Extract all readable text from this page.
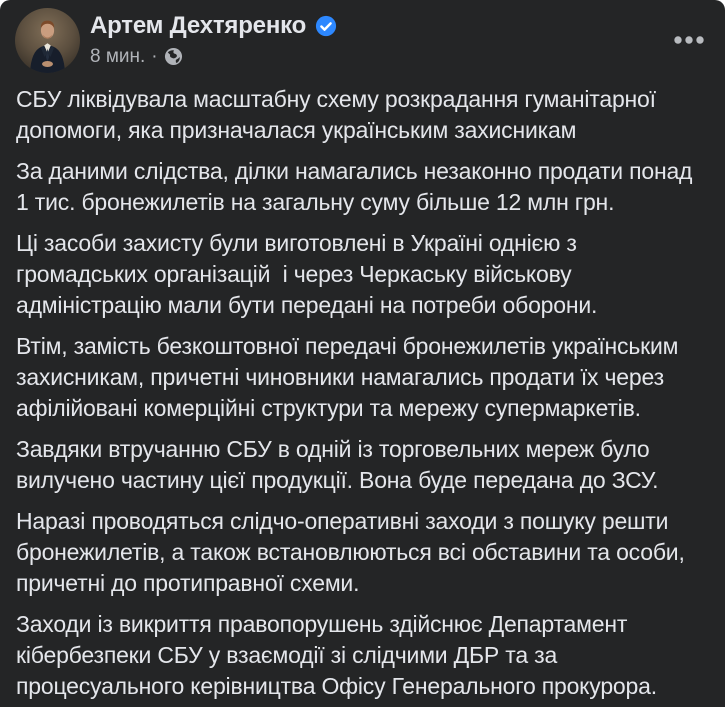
Артем Дехтяренко
8 мин. ·

СБУ ліквідувала масштабну схему розкрадання гуманітарної допомоги, яка призначалася українським захисникам

За даними слідства, ділки намагались незаконно продати понад 1 тис. бронежилетів на загальну суму більше 12 млн грн.

Ці засоби захисту були виготовлені в Україні однією з громадських організацій  і через Черкаську військову адміністрацію мали бути передані на потреби оборони.

Втім, замість безкоштовної передачі бронежилетів українським захисникам, причетні чиновники намагались продати їх через афілійовані комерційні структури та мережу супермаркетів.

Завдяки втручанню СБУ в одній із торговельних мереж було вилучено частину цієї продукції. Вона буде передана до ЗСУ.

Наразі проводяться слідчо-оперативні заходи з пошуку решти бронежилетів, а також встановлюються всі обставини та особи, причетні до протиправної схеми.

Заходи із викриття правопорушень здійснює Департамент кібербезпеки СБУ у взаємодії зі слідчими ДБР та за процесуального керівництва Офісу Генерального прокурора.
